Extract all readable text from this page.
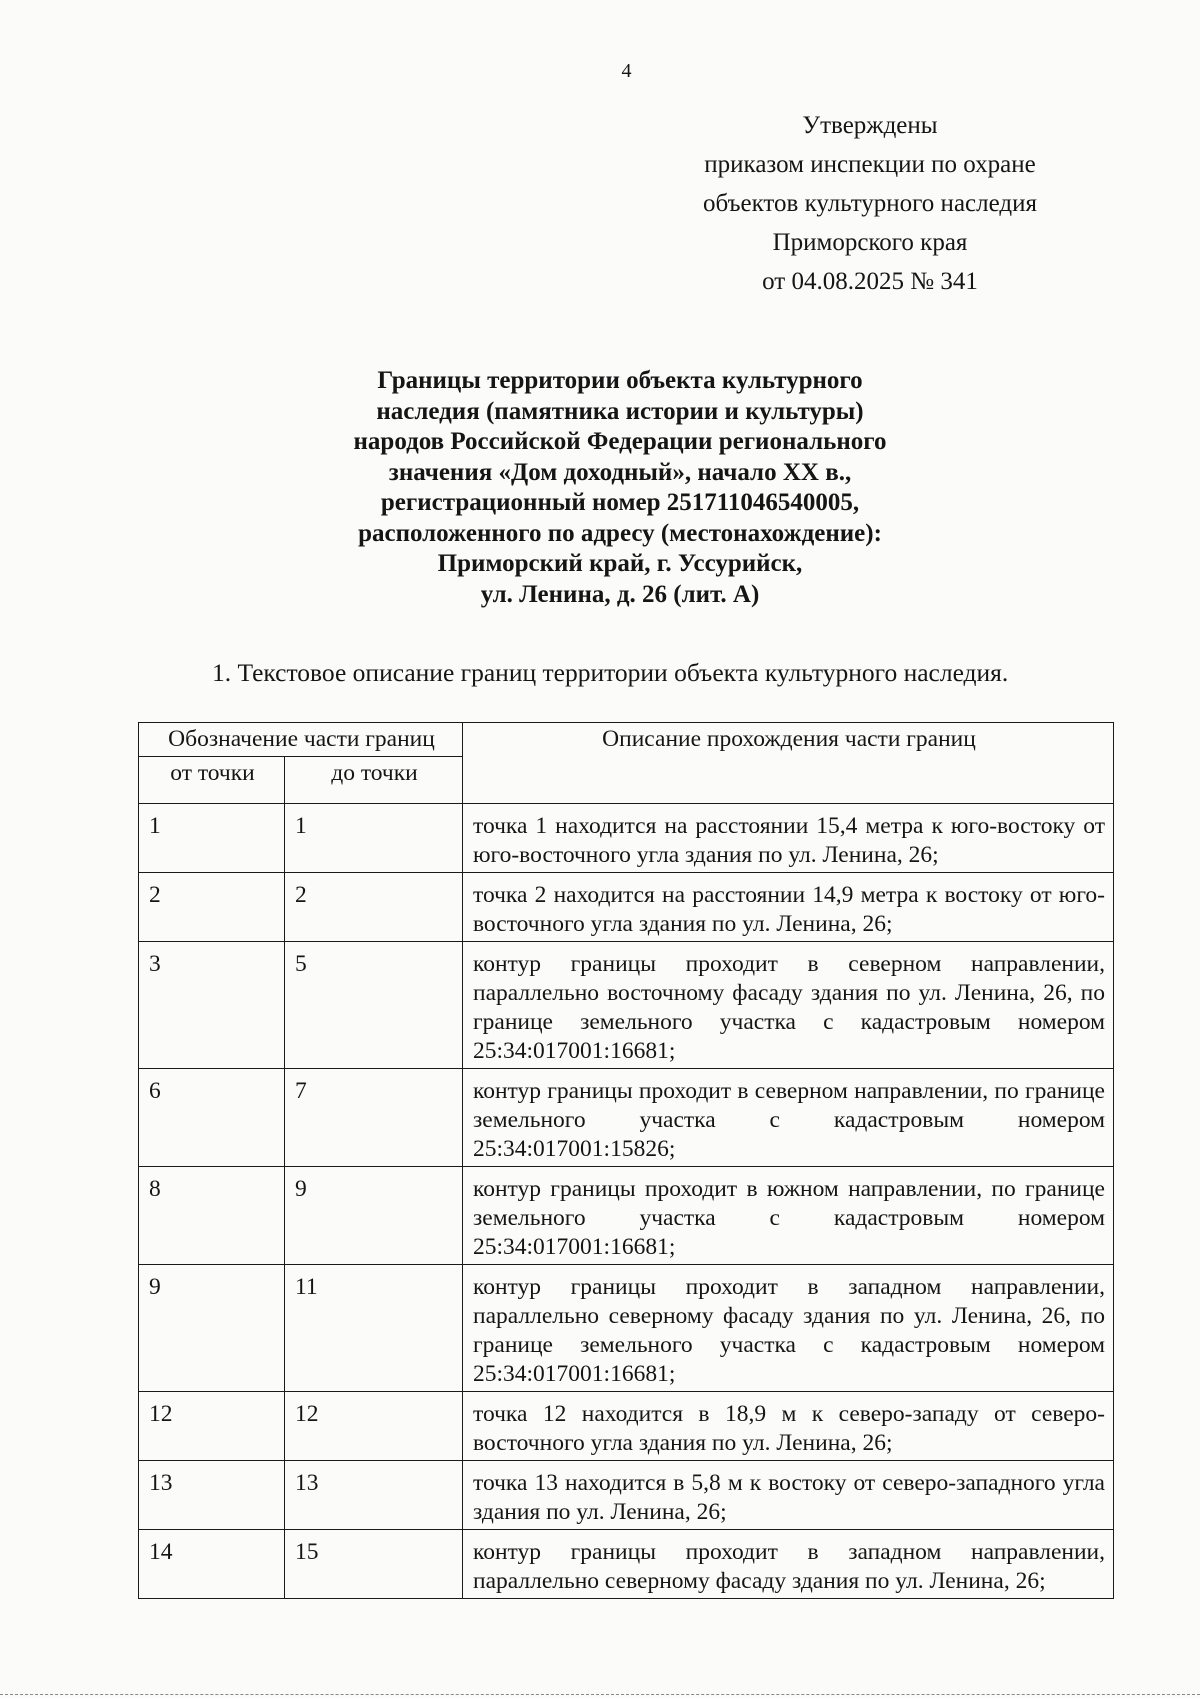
4
Утверждены
приказом инспекции по охране
объектов культурного наследия
Приморского края
от 04.08.2025 № 341
Границы территории объекта культурного
наследия (памятника истории и культуры)
народов Российской Федерации регионального
значения «Дом доходный», начало XX в.,
регистрационный номер 251711046540005,
расположенного по адресу (местонахождение):
Приморский край, г. Уссурийск,
ул. Ленина, д. 26 (лит. А)
1. Текстовое описание границ территории объекта культурного наследия.
Обозначение части границ		Описание прохождения части границ
от точки	до точки	
1	1	точка 1 находится на расстоянии 15,4 метра к юго-востоку от юго-восточного угла здания по ул. Ленина, 26;
2	2	точка 2 находится на расстоянии 14,9 метра к востоку от юго-восточного угла здания по ул. Ленина, 26;
3	5	контур границы проходит в северном направлении, параллельно восточному фасаду здания по ул. Ленина, 26, по границе земельного участка с кадастровым номером 25:34:017001:16681;
6	7	контур границы проходит в северном направлении, по границе земельного участка с кадастровым номером 25:34:017001:15826;
8	9	контур границы проходит в южном направлении, по границе земельного участка с кадастровым номером 25:34:017001:16681;
9	11	контур границы проходит в западном направлении, параллельно северному фасаду здания по ул. Ленина, 26, по границе земельного участка с кадастровым номером 25:34:017001:16681;
12	12	точка 12 находится в 18,9 м к северо-западу от северо-восточного угла здания по ул. Ленина, 26;
13	13	точка 13 находится в 5,8 м к востоку от северо-западного угла здания по ул. Ленина, 26;
14	15	контур границы проходит в западном направлении, параллельно северному фасаду здания по ул. Ленина, 26;
